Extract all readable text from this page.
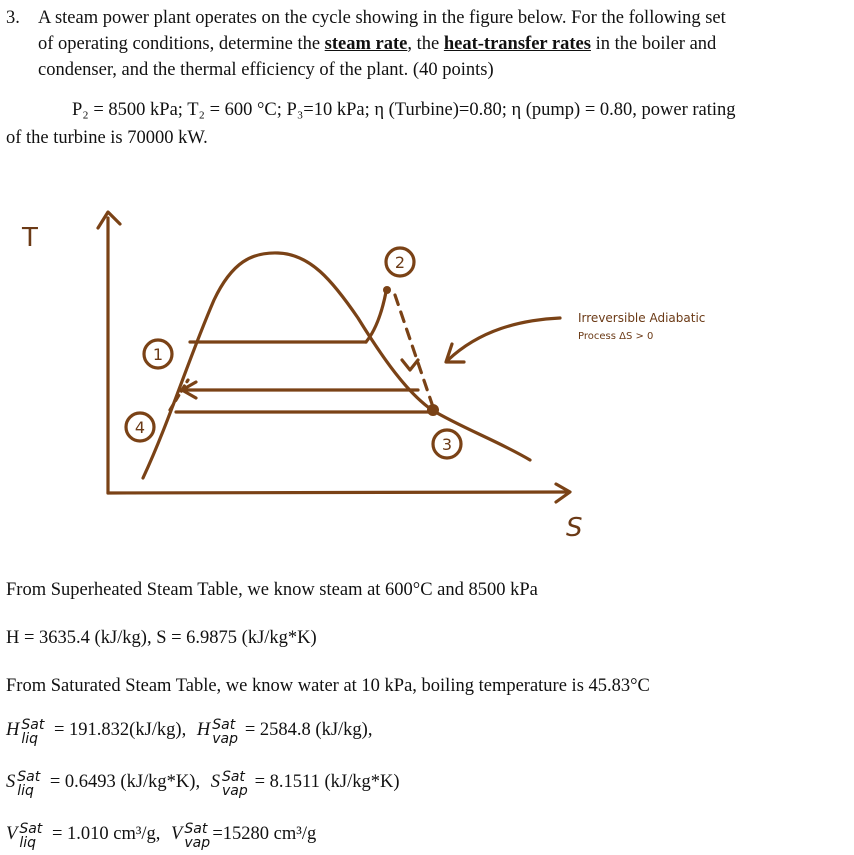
3. A steam power plant operates on the cycle showing in the figure below. For the following set
of operating conditions, determine the steam rate, the heat-transfer rates in the boiler and
condenser, and the thermal efficiency of the plant. (40 points)
P₂ = 8500 kPa; T₂ = 600 °C; P₃=10 kPa; η (Turbine)=0.80; η (pump) = 0.80, power rating
of the turbine is 70000 kW.
T
S
2
1
4
3
Irreversible Adiabatic
Process ΔS > 0
From Superheated Steam Table, we know steam at 600°C and 8500 kPa
H = 3635.4 (kJ/kg), S = 6.9875 (kJ/kg*K)
From Saturated Steam Table, we know water at 10 kPa, boiling temperature is 45.83°C
H Sat
liq = 191.832(kJ/kg), H Sat
vap = 2584.8 (kJ/kg),
S Sat
liq = 0.6493 (kJ/kg*K), S Sat
vap = 8.1511 (kJ/kg*K)
V Sat
liq = 1.010 cm³/g, V Sat
vap =15280 cm³/g
